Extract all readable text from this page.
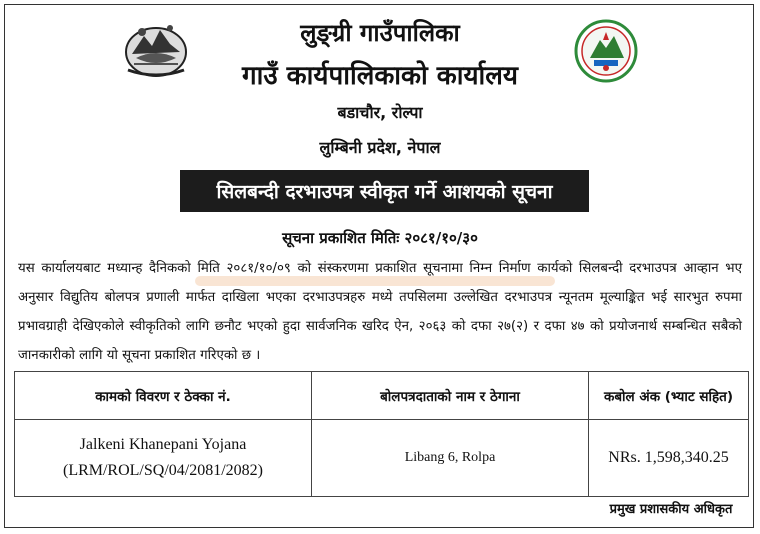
लुङ्ग्री गाउँपालिका
गाउँ कार्यपालिकाको कार्यालय
बडाचौर, रोल्पा
लुम्बिनी प्रदेश, नेपाल
सिलबन्दी दरभाउपत्र स्वीकृत गर्ने आशयको सूचना
सूचना प्रकाशित मितिः २०८१/१०/३०
यस कार्यालयबाट मध्यान्ह दैनिकको मिति २०८१/१०/०९ को संस्करणमा प्रकाशित सूचनामा निम्न निर्माण कार्यको सिलबन्दी दरभाउपत्र आव्हान भए अनुसार विद्युतिय बोलपत्र प्रणाली मार्फत दाखिला भएका दरभाउपत्रहरु मध्ये तपसिलमा उल्लेखित दरभाउपत्र न्यूनतम मूल्याङ्कित भई सारभुत रुपमा प्रभावग्राही देखिएकोले स्वीकृतिको लागि छनौट भएको हुदा सार्वजनिक खरिद ऐन, २०६३ को दफा २७(२) र दफा ४७ को प्रयोजनार्थ सम्बन्धित सबैको जानकारीको लागि यो सूचना प्रकाशित गरिएको छ ।
कामको विवरण र ठेक्का नं.	बोलपत्रदाताको नाम र ठेगाना	कबोल अंक (भ्याट सहित)

Jalkeni Khanepani Yojana
(LRM/ROL/SQ/04/2081/2082)	Libang 6, Rolpa	NRs. 1,598,340.25
प्रमुख प्रशासकीय अधिकृत
